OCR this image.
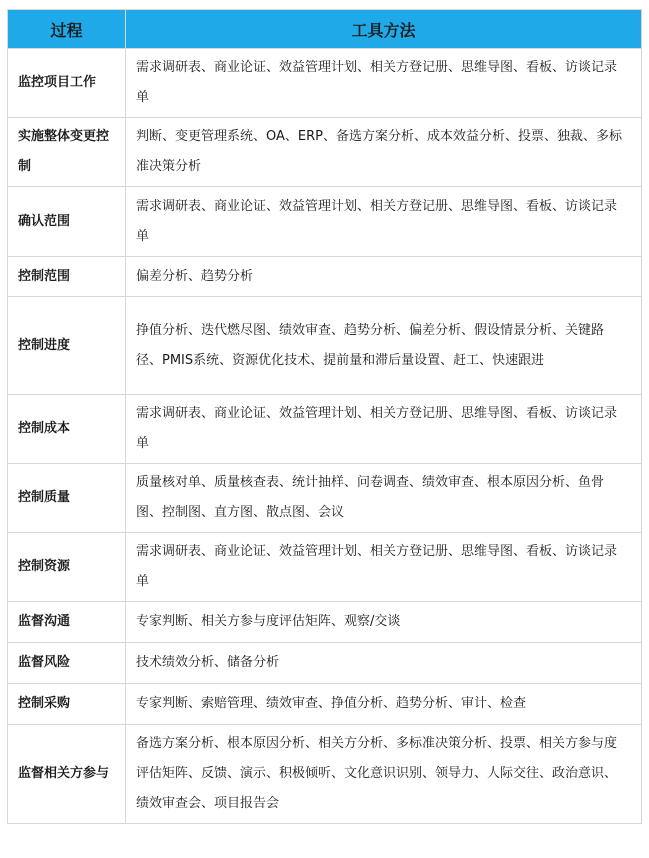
过程	工具方法
监控项目工作	需求调研表、商业论证、效益管理计划、相关方登记册、思维导图、看板、访谈记录单
实施整体变更控制	判断、变更管理系统、OA、ERP、备选方案分析、成本效益分析、投票、独裁、多标准决策分析
确认范围	需求调研表、商业论证、效益管理计划、相关方登记册、思维导图、看板、访谈记录单
控制范围	偏差分析、趋势分析
控制进度	挣值分析、迭代燃尽图、绩效审查、趋势分析、偏差分析、假设情景分析、关键路径、PMIS系统、资源优化技术、提前量和滞后量设置、赶工、快速跟进
控制成本	需求调研表、商业论证、效益管理计划、相关方登记册、思维导图、看板、访谈记录单
控制质量	质量核对单、质量核查表、统计抽样、问卷调查、绩效审查、根本原因分析、鱼骨图、控制图、直方图、散点图、会议
控制资源	需求调研表、商业论证、效益管理计划、相关方登记册、思维导图、看板、访谈记录单
监督沟通	专家判断、相关方参与度评估矩阵、观察/交谈
监督风险	技术绩效分析、储备分析
控制采购	专家判断、索赔管理、绩效审查、挣值分析、趋势分析、审计、检查
监督相关方参与	备选方案分析、根本原因分析、相关方分析、多标准决策分析、投票、相关方参与度评估矩阵、反馈、演示、积极倾听、文化意识识别、领导力、人际交往、政治意识、绩效审查会、项目报告会
